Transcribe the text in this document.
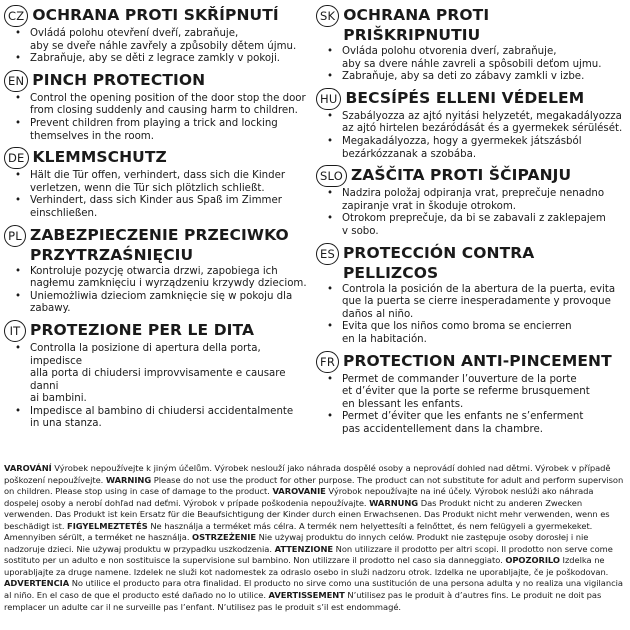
CZ OCHRANA PROTI SKŘÍPNUTÍ
• Ovládá polohu otevření dveří, zabraňuje,
aby se dveře náhle zavřely a způsobily dětem újmu.
• Zabraňuje, aby se děti z legrace zamkly v pokoji.
EN PINCH PROTECTION
• Control the opening position of the door stop the door
from closing suddenly and causing harm to children.
• Prevent children from playing a trick and locking
themselves in the room.
DE KLEMMSCHUTZ
• Hält die Tür offen, verhindert, dass sich die Kinder
verletzen, wenn die Tür sich plötzlich schließt.
• Verhindert, dass sich Kinder aus Spaß im Zimmer
einschließen.
PL ZABEZPIECZENIE PRZECIWKO
PRZYTRZAŚNIĘCIU
• Kontroluje pozycję otwarcia drzwi, zapobiega ich
nagłemu zamknięciu i wyrządzeniu krzywdy dzieciom.
• Uniemożliwia dzieciom zamknięcie się w pokoju dla
zabawy.
IT PROTEZIONE PER LE DITA
• Controlla la posizione di apertura della porta, impedisce
alla porta di chiudersi improvvisamente e causare danni
ai bambini.
• Impedisce al bambino di chiudersi accidentalmente
in una stanza.
SK OCHRANA PROTI PRIŠKRIPNUTIU
• Ovláda polohu otvorenia dverí, zabraňuje,
aby sa dvere náhle zavreli a spôsobili deťom ujmu.
• Zabraňuje, aby sa deti zo zábavy zamkli v izbe.
HU BECSÍPÉS ELLENI VÉDELEM
• Szabályozza az ajtó nyitási helyzetét, megakadályozza
az ajtó hirtelen bezáródását és a gyermekek sérülését.
• Megakadályozza, hogy a gyermekek játszásból
bezárkózzanak a szobába.
SLO ZAŠČITA PROTI ŠČIPANJU
• Nadzira položaj odpiranja vrat, preprečuje nenadno
zapiranje vrat in škoduje otrokom.
• Otrokom preprečuje, da bi se zabavali z zaklepajem
v sobo.
ES PROTECCIÓN CONTRA PELLIZCOS
• Controla la posición de la abertura de la puerta, evita
que la puerta se cierre inesperadamente y provoque
daños al niño.
• Evita que los niños como broma se encierren
en la habitación.
FR PROTECTION ANTI-PINCEMENT
• Permet de commander l’ouverture de la porte
et d’éviter que la porte se referme brusquement
en blessant les enfants.
• Permet d’éviter que les enfants ne s’enferment
pas accidentellement dans la chambre.
VAROVÁNÍ Výrobek nepoužívejte k jiným účelům. Výrobek neslouží jako náhrada dospělé osoby a neprovádí dohled nad dětmi. Výrobek v případě poškození nepoužívejte. WARNING Please do not use the product for other purpose. The product can not substitute for adult and perform supervison on children. Please stop using in case of damage to the product. VAROVANIE Výrobok nepoužívajte na iné účely. Výrobok neslúži ako náhrada dospelej osoby a nerobí dohľad nad deťmi. Výrobok v prípade poškodenia nepoužívajte. WARNUNG Das Produkt nicht zu anderen Zwecken verwenden. Das Produkt ist kein Ersatz für die Beaufsichtigung der Kinder durch einen Erwachsenen. Das Produkt nicht mehr verwenden, wenn es beschädigt ist. FIGYELMEZTETÉS Ne használja a terméket más célra. A termék nem helyettesíti a felnőttet, és nem felügyeli a gyermekeket. Amennyiben sérült, a terméket ne használja. OSTRZEŻENIE Nie używaj produktu do innych celów. Produkt nie zastępuje osoby dorosłej i nie nadzoruje dzieci. Nie używaj produktu w przypadku uszkodzenia. ATTENZIONE Non utilizzare il prodotto per altri scopi. Il prodotto non serve come sostituto per un adulto e non sostituisce la supervisione sul bambino. Non utilizzare il prodotto nel caso sia danneggiato. OPOZORILO Izdelka ne uporabljajte za druge namene. Izdelek ne služi kot nadomestek za odraslo osebo in služi nadzoru otrok. Izdelka ne uporabljajte, če je poškodovan. ADVERTENCIA No utilice el producto para otra finalidad. El producto no sirve como una sustitución de una persona adulta y no realiza una vigilancia al niño. En el caso de que el producto esté dañado no lo utilice. AVERTISSEMENT N’utilisez pas le produit à d’autres fins. Le produit ne doit pas remplacer un adulte car il ne surveille pas l’enfant. N’utilisez pas le produit s’il est endommagé.
